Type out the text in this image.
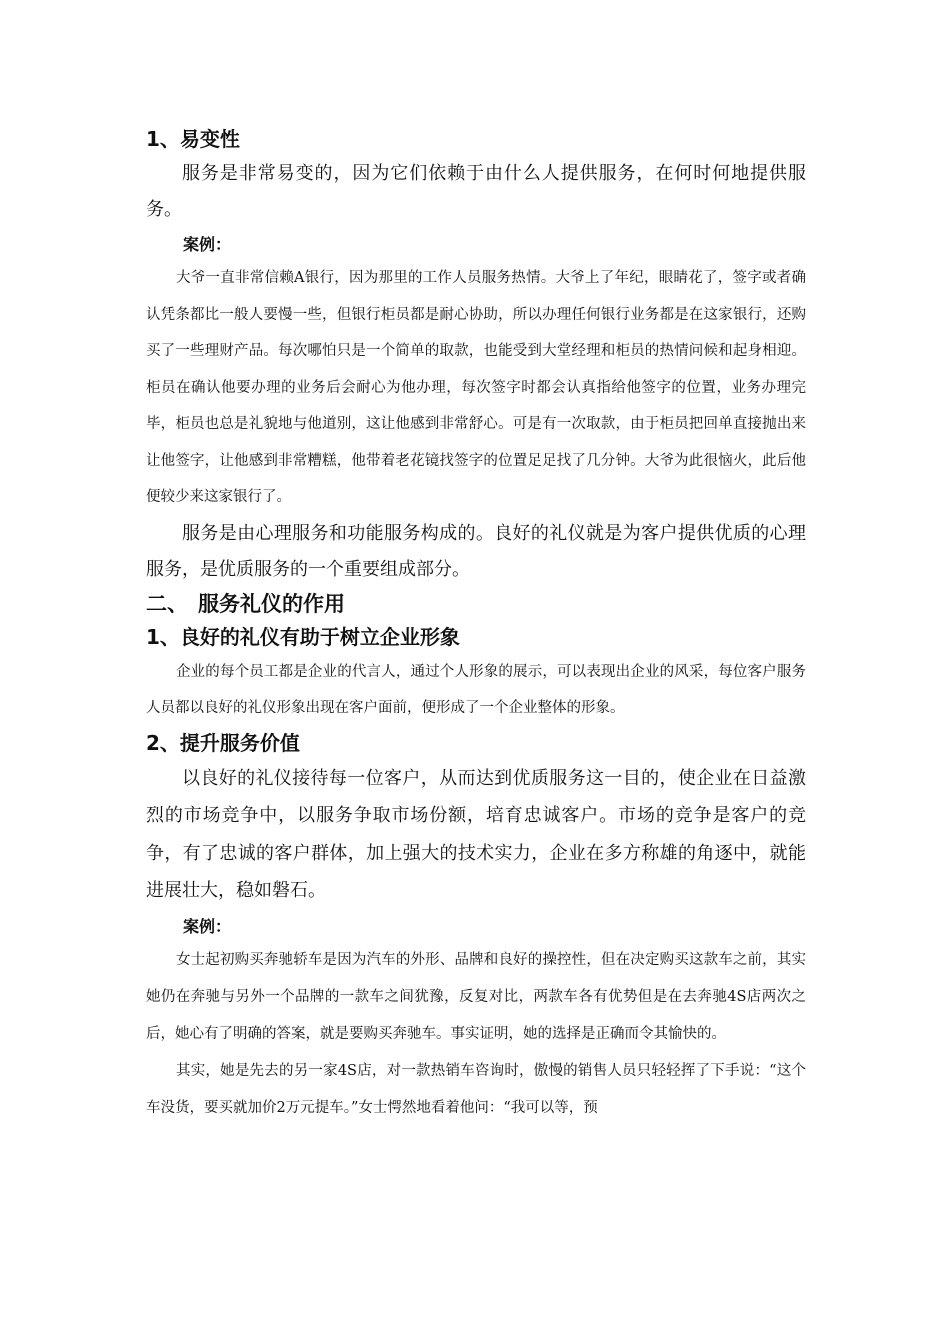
1、易变性

服务是非常易变的，因为它们依赖于由什么人提供服务，在何时何地提供服务。

案例：

大爷一直非常信赖A银行，因为那里的工作人员服务热情。大爷上了年纪，眼睛花了，签字或者确认凭条都比一般人要慢一些，但银行柜员都是耐心协助，所以办理任何银行业务都是在这家银行，还购买了一些理财产品。每次哪怕只是一个简单的取款，也能受到大堂经理和柜员的热情问候和起身相迎。柜员在确认他要办理的业务后会耐心为他办理，每次签字时都会认真指给他签字的位置，业务办理完毕，柜员也总是礼貌地与他道别，这让他感到非常舒心。可是有一次取款，由于柜员把回单直接抛出来让他签字，让他感到非常糟糕，他带着老花镜找签字的位置足足找了几分钟。大爷为此很恼火，此后他便较少来这家银行了。

服务是由心理服务和功能服务构成的。良好的礼仪就是为客户提供优质的心理服务，是优质服务的一个重要组成部分。

二、 服务礼仪的作用
1、良好的礼仪有助于树立企业形象

企业的每个员工都是企业的代言人，通过个人形象的展示，可以表现出企业的风采，每位客户服务人员都以良好的礼仪形象出现在客户面前，便形成了一个企业整体的形象。

2、提升服务价值

以良好的礼仪接待每一位客户，从而达到优质服务这一目的，使企业在日益激烈的市场竞争中，以服务争取市场份额，培育忠诚客户。市场的竞争是客户的竞争，有了忠诚的客户群体，加上强大的技术实力，企业在多方称雄的角逐中，就能进展壮大，稳如磐石。

案例：

女士起初购买奔驰轿车是因为汽车的外形、品牌和良好的操控性，但在决定购买这款车之前，其实她仍在奔驰与另外一个品牌的一款车之间犹豫，反复对比，两款车各有优势但是在去奔驰4S店两次之后，她心有了明确的答案，就是要购买奔驰车。事实证明，她的选择是正确而令其愉快的。

其实，她是先去的另一家4S店，对一款热销车咨询时，傲慢的销售人员只轻轻挥了下手说：“这个车没货，要买就加价2万元提车。”女士愕然地看着他问：“我可以等，预
